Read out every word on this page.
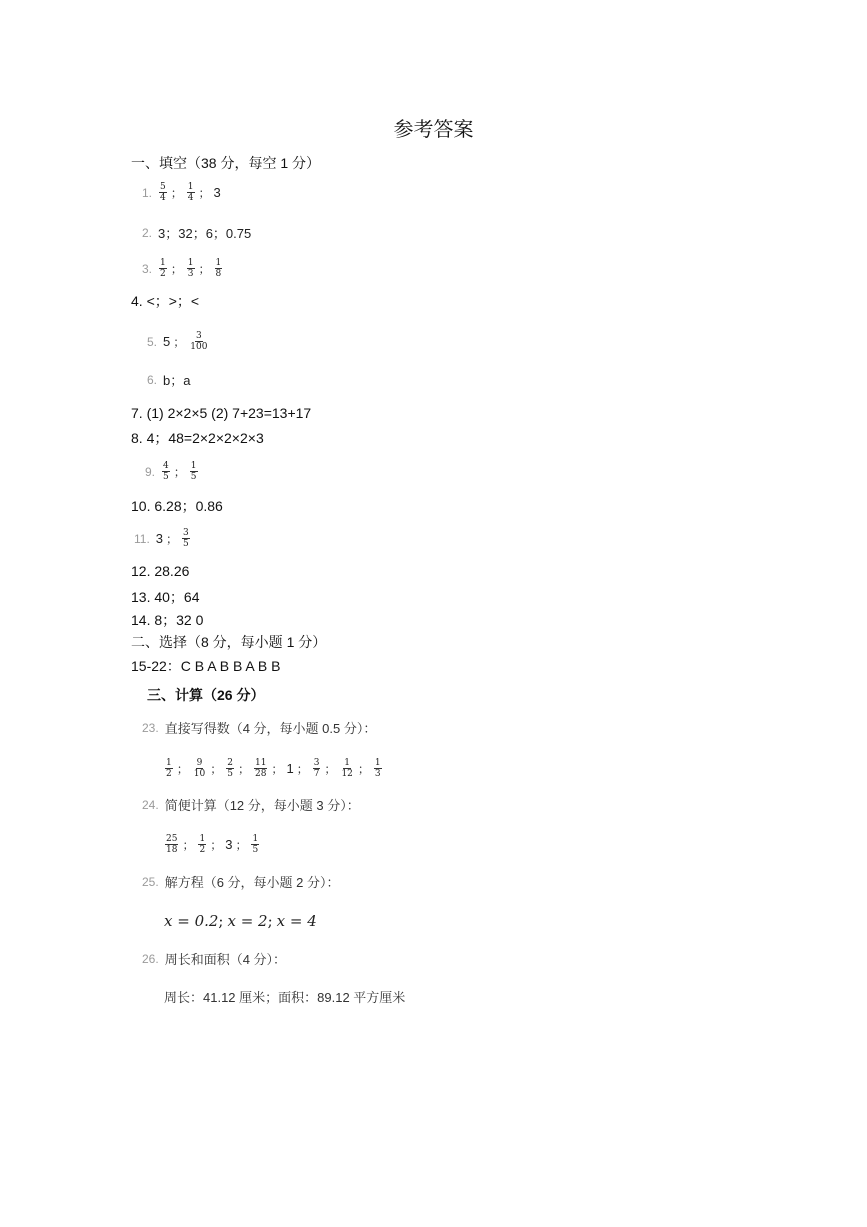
参考答案
一、填空（38 分，每空 1 分）
1. $\frac{5}{4}$ ； $\frac{1}{4}$ ； 3
2. 3；32；6；0.75
3. $\frac{1}{2}$ ； $\frac{1}{3}$ ； $\frac{1}{8}$
4. <；>；<
5. 5 ； $\frac{3}{100}$
6. b；a
7. (1) 2×2×5 (2) 7+23=13+17
8. 4；48=2×2×2×2×3
9. $\frac{4}{5}$ ； $\frac{1}{5}$
10. 6.28；0.86
11. 3 ； $\frac{3}{5}$
12. 28.26
13. 40；64
14. 8；32 0
二、选择（8 分，每小题 1 分）
15-22：C B A B B A B B
三、计算（26 分）
23. 直接写得数（4 分，每小题 0.5 分）：
$\frac{1}{2}$ ； $\frac{9}{10}$ ； $\frac{2}{5}$ ； $\frac{11}{28}$ ； 1 ； $\frac{3}{7}$ ； $\frac{1}{12}$ ； $\frac{1}{3}$
24. 简便计算（12 分，每小题 3 分）：
$\frac{25}{18}$ ； $\frac{1}{2}$ ； 3 ； $\frac{1}{5}$
25. 解方程（6 分，每小题 2 分）：
x = 0.2 ; x = 2 ; x = 4
26. 周长和面积（4 分）：
周长：41.12 厘米；面积：89.12 平方厘米
